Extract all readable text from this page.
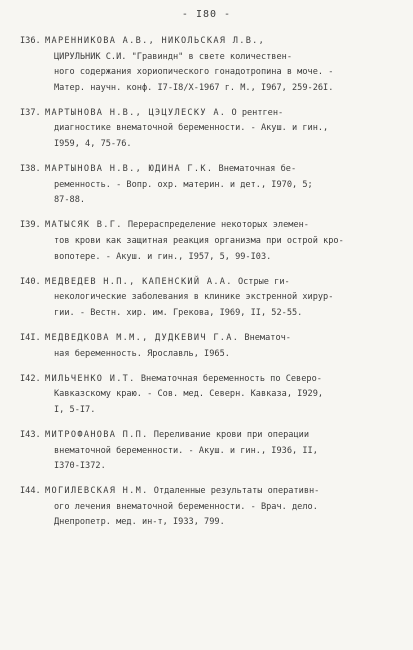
- I80 -
I36. МАРЕННИКОВА А.В., НИКОЛЬСКАЯ Л.В.,
ЦИРУЛЬНИК С.И. "Гравиндн" в свете количествен-
ного содержания хориопического гонадотропина в моче. -
Матер. научн. конф. I7-I8/X-1967 г. М., I967, 259-26I.
I37. МАРТЫНОВА Н.В., ЦЭЦУЛЕСКУ А. О рентген-
диагностике внематочной беременности. - Акуш. и гин.,
I959, 4, 75-76.
I38. МАРТЫНОВА Н.В., ЮДИНА Г.К. Внематочная бе-
ременность. - Вопр. охр. материн. и дет., I970, 5;
87-88.
I39. МАТЫСЯК В.Г. Перераспределение некоторых элемен-
тов крови как защитная реакция организма при острой кро-
вопотере. - Акуш. и гин., I957, 5, 99-I03.
I40. МЕДВЕДЕВ Н.П., КАПЕНСКИЙ А.А. Острые ги-
некологические заболевания в клинике экстренной хирур-
гии. - Вестн. хир. им. Грекова, I969, II, 52-55.
I4I. МЕДВЕДКОВА М.М., ДУДКЕВИЧ Г.А. Внематоч-
ная беременность. Ярославль, I965.
I42. МИЛЬЧЕНКО И.Т. Внематочная беременность по Северо-
Кавказскому краю. - Сов. мед. Северн. Кавказа, I929,
I, 5-I7.
I43. МИТРОФАНОВА П.П. Переливание крови при операции
внематочной беременности. - Акуш. и гин., I936, II,
I370-I372.
I44. МОГИЛЕВСКАЯ Н.М. Отдаленные результаты оперативн-
ого лечения внематочной беременности. - Врач. дело.
Днепропетр. мед. ин-т, I933, 799.
